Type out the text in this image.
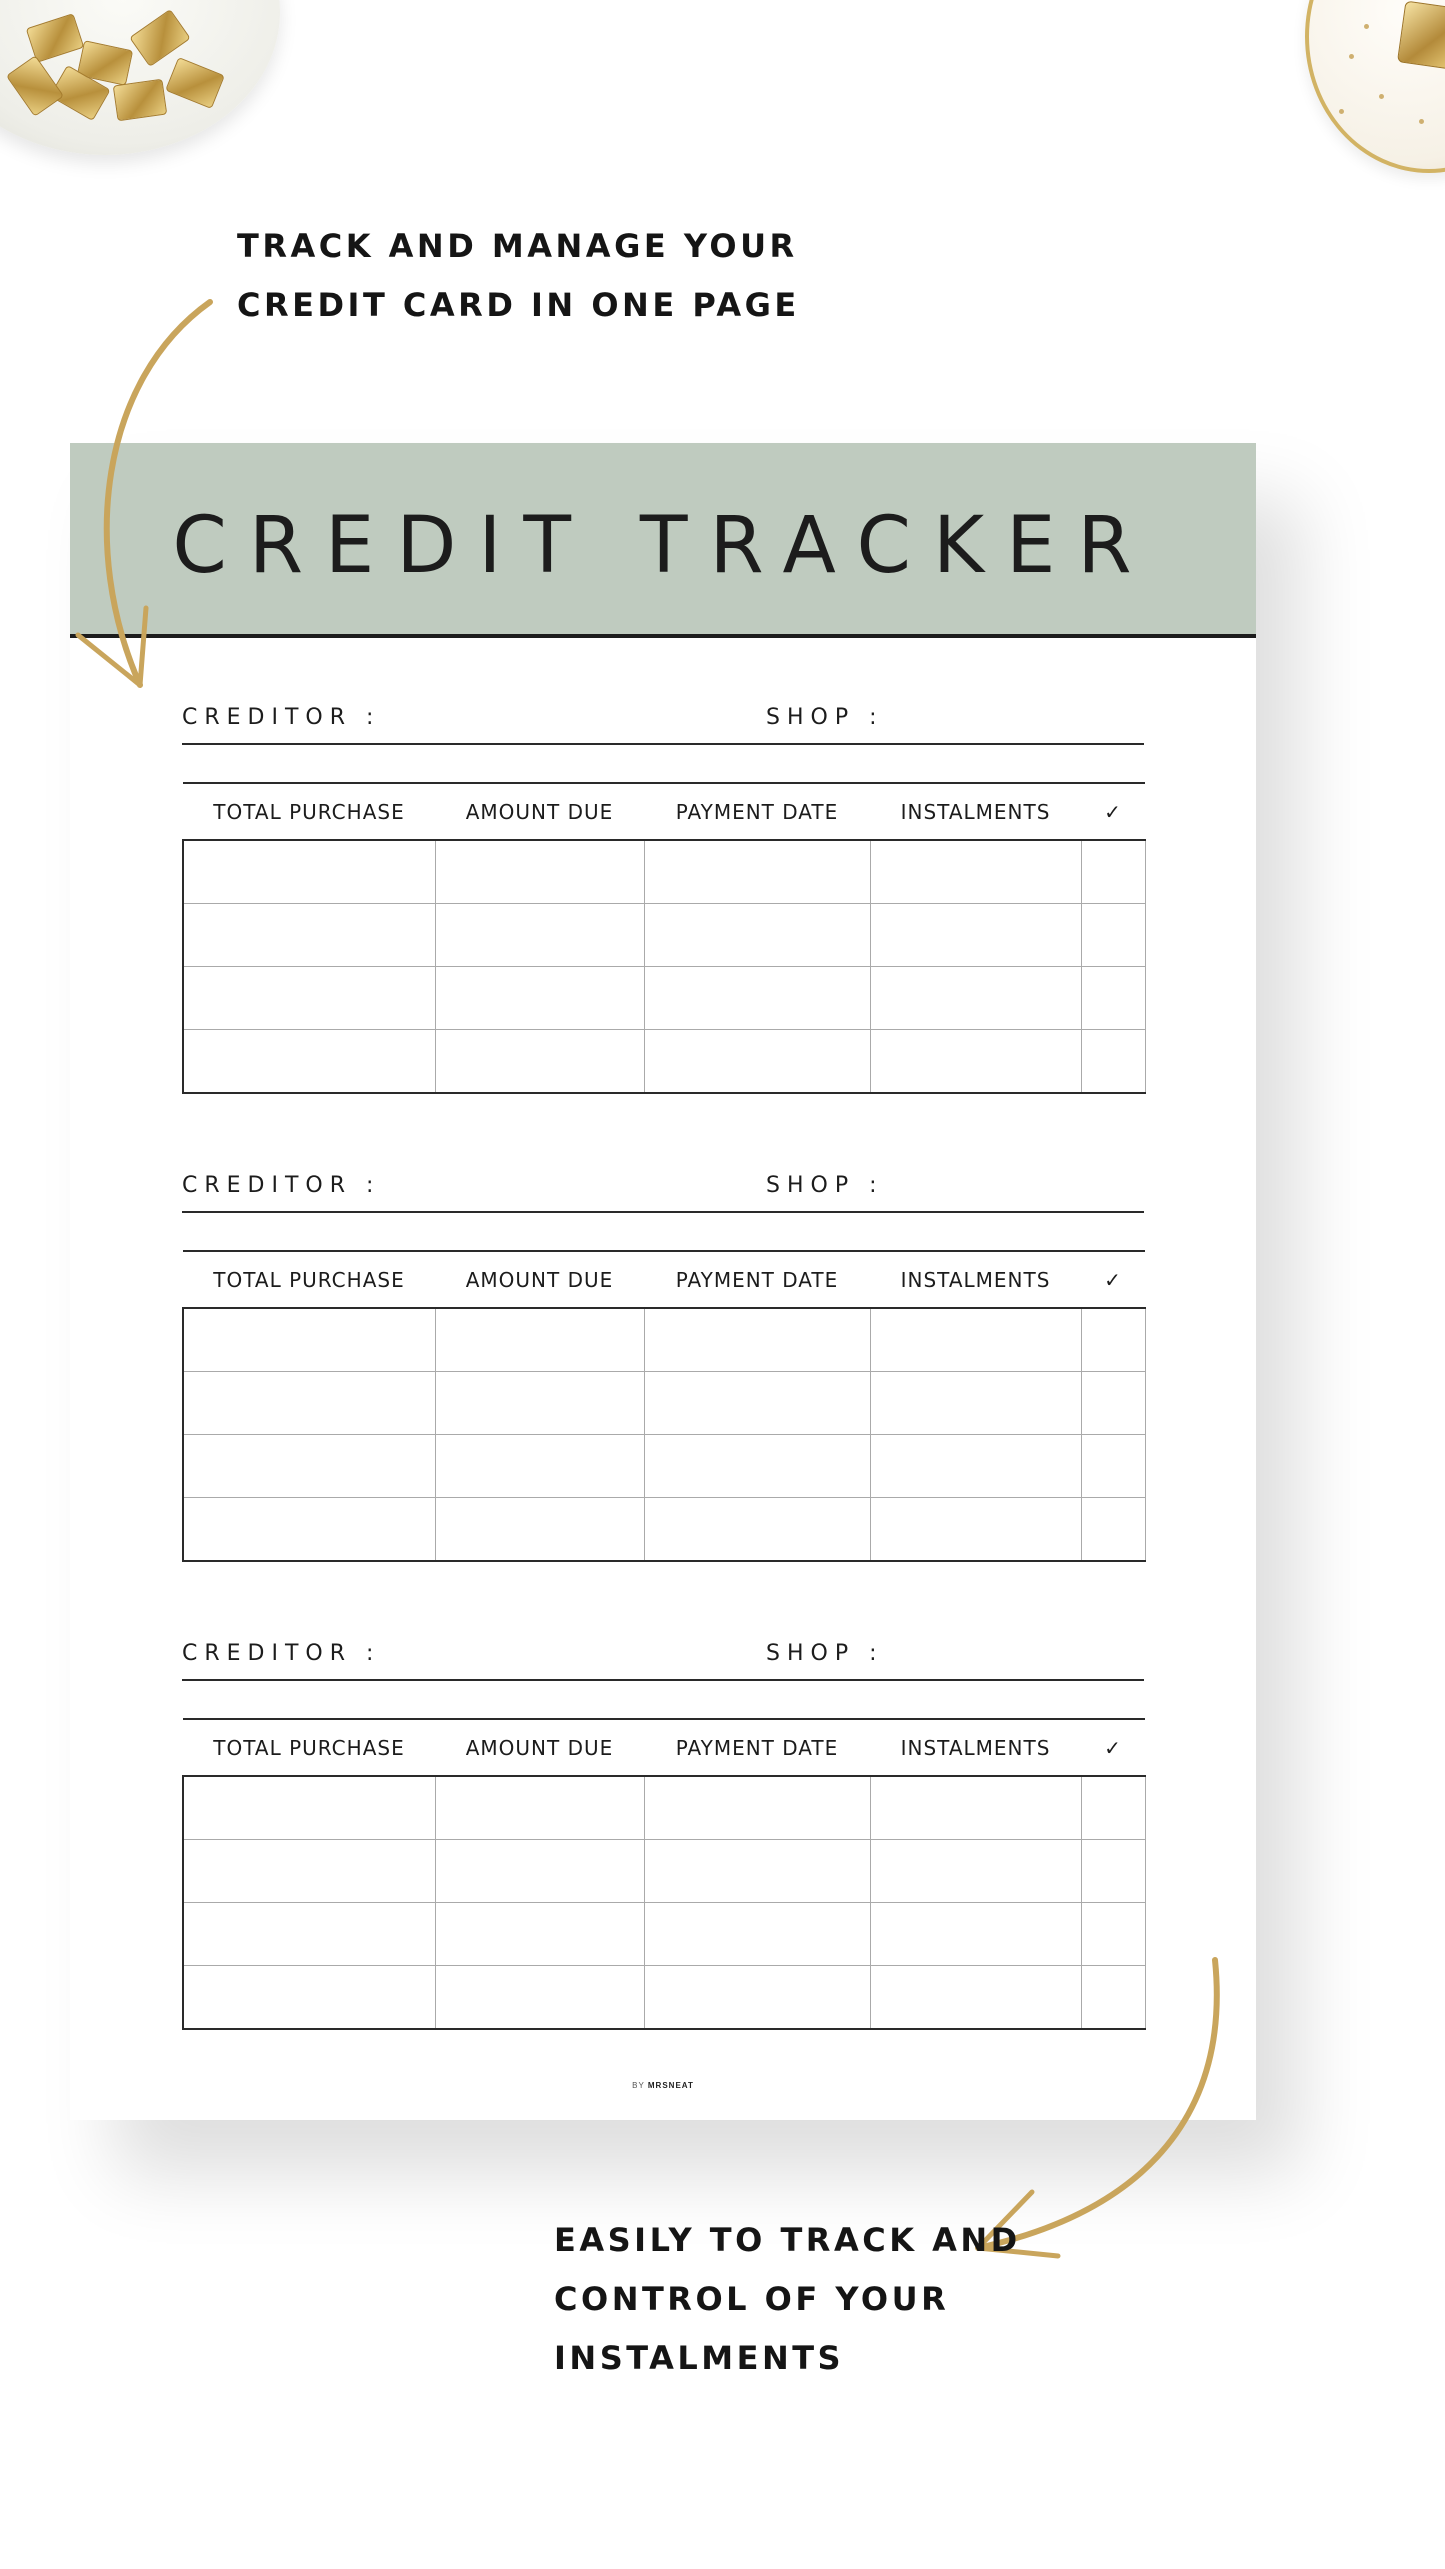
TRACK AND MANAGE YOUR
CREDIT CARD IN ONE PAGE
CREDIT TRACKER
CREDITOR :	SHOP :
TOTAL PURCHASE	AMOUNT DUE	PAYMENT DATE	INSTALMENTS	✓

CREDITOR :	SHOP :
TOTAL PURCHASE	AMOUNT DUE	PAYMENT DATE	INSTALMENTS	✓

CREDITOR :	SHOP :
TOTAL PURCHASE	AMOUNT DUE	PAYMENT DATE	INSTALMENTS	✓

BY MRSNEAT
EASILY TO TRACK AND
CONTROL OF YOUR
INSTALMENTS
